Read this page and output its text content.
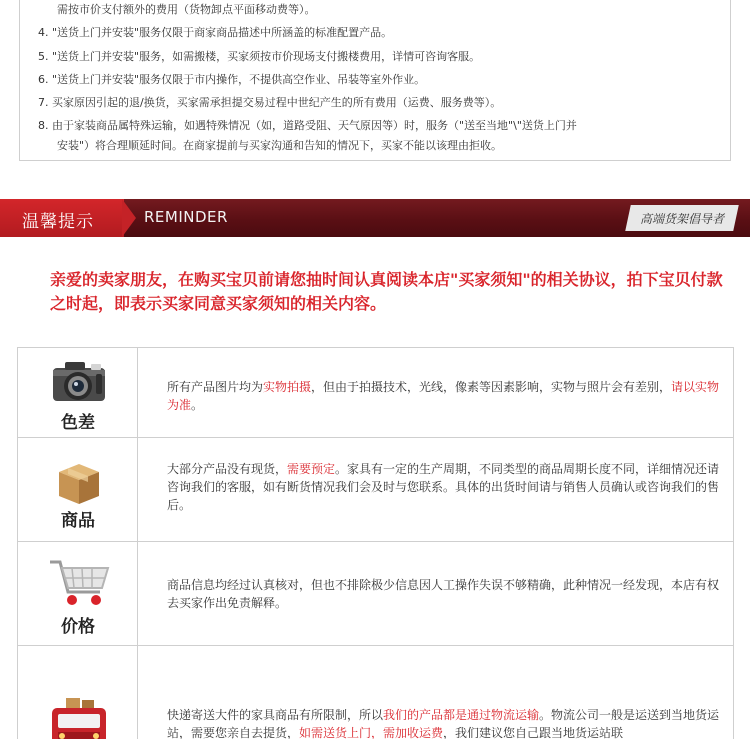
需按市价支付额外的费用（货物卸点平面移动费等）。
4. "送货上门并安装"服务仅限于商家商品描述中所涵盖的标准配置产品。
5. "送货上门并安装"服务，如需搬楼，买家须按市价现场支付搬楼费用，详情可咨询客服。
6. "送货上门并安装"服务仅限于市内操作，不提供高空作业、吊装等室外作业。
7. 买家原因引起的退/换货，买家需承担提交易过程中世纪产生的所有费用（运费、服务费等）。
8. 由于家装商品属特殊运输，如遇特殊情况（如，道路受阻、天气原因等）时，服务（"送至当地"\"送货上门并
安装"）将合理顺延时间。在商家提前与买家沟通和告知的情况下，买家不能以该理由拒收。
温馨提示	REMINDER	高端货架倡导者
亲爱的卖家朋友，在购买宝贝前请您抽时间认真阅读本店"买家须知"的相关协议，拍下宝贝付款之时起，即表示买家同意买家须知的相关内容。
色差
所有产品图片均为实物拍摄，但由于拍摄技术，光线，像素等因素影响，实物与照片会有差别，请以实物为准。
商品
大部分产品没有现货，需要预定。家具有一定的生产周期，不同类型的商品周期长度不同，详细情况还请咨询我们的客服，如有断货情况我们会及时与您联系。具体的出货时间请与销售人员确认或咨询我们的售后。
价格
商品信息均经过认真核对，但也不排除极少信息因人工操作失误不够精确，此种情况一经发现，本店有权去买家作出免责解释。
快递寄送大件的家具商品有所限制，所以我们的产品都是通过物流运输。物流公司一般是运送到当地货运站，需要您亲自去提货，如需送货上门，需加收运费，我们建议您自己跟当地货运站联
